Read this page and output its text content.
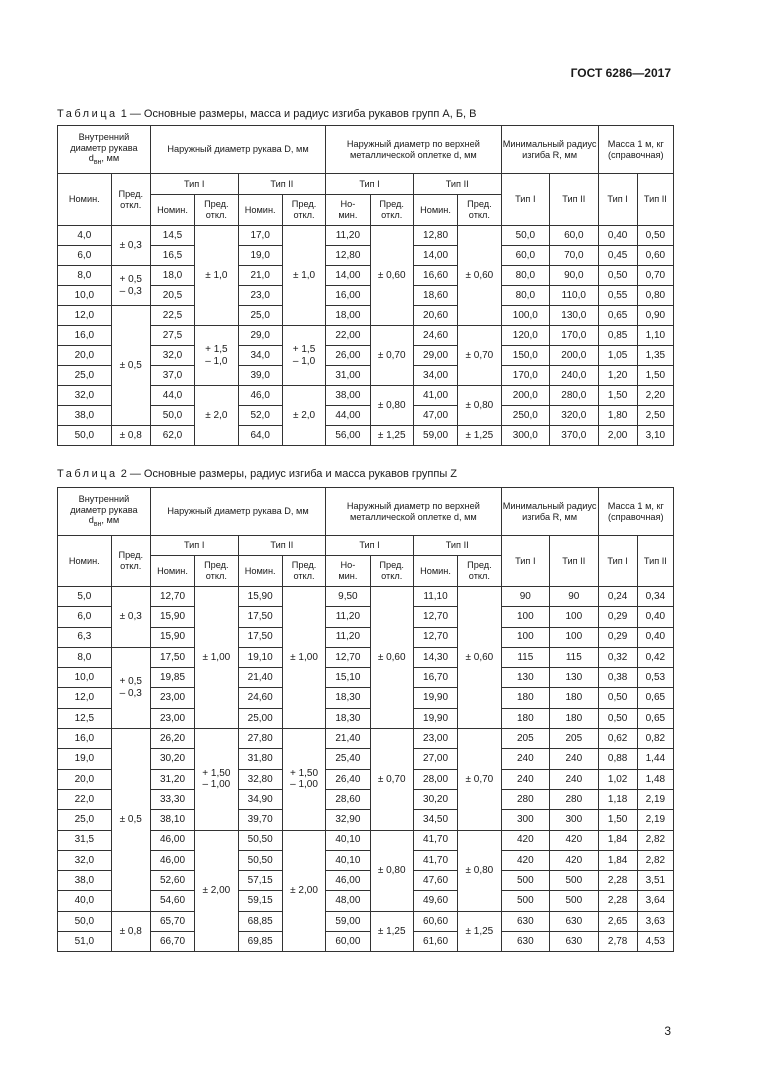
ГОСТ 6286—2017
Таблица 1 — Основные размеры, масса и радиус изгиба рукавов групп А, Б, В
Внутренний
диаметр рукава
$d_{вн}$, мм		Наружный диаметр рукава D, мм				Наружный диаметр по верхней металлической оплетке d, мм				Минимальный радиус изгиба R, мм		Масса 1 м, кг (справочная)	
Номин.	Пред.
откл.	Тип I		Тип II		Тип I		Тип II		Тип I	Тип II	Тип I	Тип II
		Номин.	Пред.
откл.	Номин.	Пред.
откл.	Но-
мин.	Пред.
откл.	Номин.	Пред.
откл.				
4,0	± 0,3	14,5	± 1,0	17,0	± 1,0	11,20	± 0,60	12,80	± 0,60	50,0	60,0	0,40	0,50
6,0		16,5		19,0		12,80		14,00		60,0	70,0	0,45	0,60
8,0	+ 0,5
– 0,3	18,0		21,0		14,00		16,60		80,0	90,0	0,50	0,70
10,0		20,5		23,0		16,00		18,60		80,0	110,0	0,55	0,80
12,0	± 0,5	22,5		25,0		18,00		20,60		100,0	130,0	0,65	0,90
16,0		27,5	+ 1,5
– 1,0	29,0	+ 1,5
– 1,0	22,00	± 0,70	24,60	± 0,70	120,0	170,0	0,85	1,10
20,0		32,0		34,0		26,00		29,00		150,0	200,0	1,05	1,35
25,0		37,0		39,0		31,00		34,00		170,0	240,0	1,20	1,50
32,0		44,0	± 2,0	46,0	± 2,0	38,00	± 0,80	41,00	± 0,80	200,0	280,0	1,50	2,20
38,0		50,0		52,0		44,00		47,00		250,0	320,0	1,80	2,50
50,0	± 0,8	62,0		64,0		56,00	± 1,25	59,00	± 1,25	300,0	370,0	2,00	3,10
Таблица 2 — Основные размеры, радиус изгиба и масса рукавов группы Z
Внутренний
диаметр рукава
$d_{вн}$, мм		Наружный диаметр рукава D, мм				Наружный диаметр по верхней металлической оплетке d, мм				Минимальный радиус изгиба R, мм		Масса 1 м, кг (справочная)	
Номин.	Пред.
откл.	Тип I		Тип II		Тип I		Тип II		Тип I	Тип II	Тип I	Тип II
		Номин.	Пред.
откл.	Номин.	Пред.
откл.	Но-
мин.	Пред.
откл.	Номин.	Пред.
откл.				
5,0	± 0,3	12,70	± 1,00	15,90	± 1,00	9,50	± 0,60	11,10	± 0,60	90	90	0,24	0,34
6,0		15,90		17,50		11,20		12,70		100	100	0,29	0,40
6,3		15,90		17,50		11,20		12,70		100	100	0,29	0,40
8,0	+ 0,5
– 0,3	17,50		19,10		12,70		14,30		115	115	0,32	0,42
10,0		19,85		21,40		15,10		16,70		130	130	0,38	0,53
12,0		23,00		24,60		18,30		19,90		180	180	0,50	0,65
12,5		23,00		25,00		18,30		19,90		180	180	0,50	0,65
16,0	± 0,5	26,20	+ 1,50
– 1,00	27,80	+ 1,50
– 1,00	21,40	± 0,70	23,00	± 0,70	205	205	0,62	0,82
19,0		30,20		31,80		25,40		27,00		240	240	0,88	1,44
20,0		31,20		32,80		26,40		28,00		240	240	1,02	1,48
22,0		33,30		34,90		28,60		30,20		280	280	1,18	2,19
25,0		38,10		39,70		32,90		34,50		300	300	1,50	2,19
31,5		46,00	± 2,00	50,50	± 2,00	40,10	± 0,80	41,70	± 0,80	420	420	1,84	2,82
32,0		46,00		50,50		40,10		41,70		420	420	1,84	2,82
38,0		52,60		57,15		46,00		47,60		500	500	2,28	3,51
40,0		54,60		59,15		48,00		49,60		500	500	2,28	3,64
50,0	± 0,8	65,70		68,85		59,00	± 1,25	60,60	± 1,25	630	630	2,65	3,63
51,0		66,70		69,85		60,00		61,60		630	630	2,78	4,53
3
